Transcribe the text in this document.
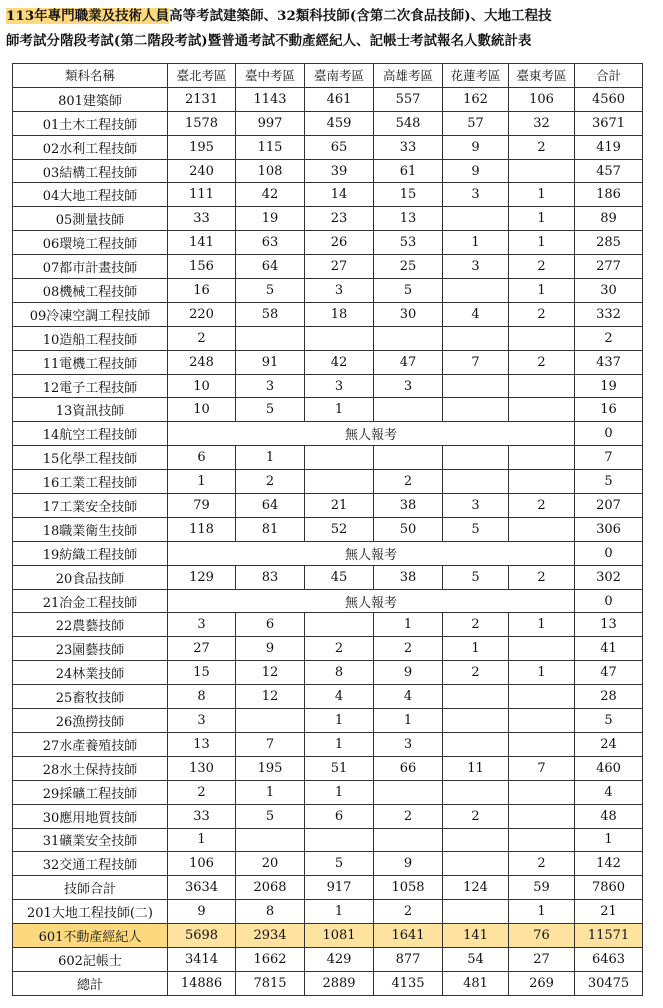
113年專門職業及技術人員高等考試建築師、32類科技師(含第二次食品技師)、大地工程技
師考試分階段考試(第二階段考試)暨普通考試不動產經紀人、記帳士考試報名人數統計表
類科名稱	臺北考區	臺中考區	臺南考區	高雄考區	花蓮考區	臺東考區	合計
801建築師	2131	1143	461	557	162	106	4560
01土木工程技師	1578	997	459	548	57	32	3671
02水利工程技師	195	115	65	33	9	2	419
03結構工程技師	240	108	39	61	9		457
04大地工程技師	111	42	14	15	3	1	186
05測量技師	33	19	23	13		1	89
06環境工程技師	141	63	26	53	1	1	285
07都市計畫技師	156	64	27	25	3	2	277
08機械工程技師	16	5	3	5		1	30
09冷凍空調工程技師	220	58	18	30	4	2	332
10造船工程技師	2						2
11電機工程技師	248	91	42	47	7	2	437
12電子工程技師	10	3	3	3			19
13資訊技師	10	5	1				16
14航空工程技師	無人報考						0
15化學工程技師	6	1					7
16工業工程技師	1	2		2			5
17工業安全技師	79	64	21	38	3	2	207
18職業衛生技師	118	81	52	50	5		306
19紡織工程技師	無人報考						0
20食品技師	129	83	45	38	5	2	302
21冶金工程技師	無人報考						0
22農藝技師	3	6		1	2	1	13
23園藝技師	27	9	2	2	1		41
24林業技師	15	12	8	9	2	1	47
25畜牧技師	8	12	4	4			28
26漁撈技師	3		1	1			5
27水產養殖技師	13	7	1	3			24
28水土保持技師	130	195	51	66	11	7	460
29採礦工程技師	2	1	1				4
30應用地質技師	33	5	6	2	2		48
31礦業安全技師	1						1
32交通工程技師	106	20	5	9		2	142
技師合計	3634	2068	917	1058	124	59	7860
201大地工程技師(二)	9	8	1	2		1	21
601不動產經紀人	5698	2934	1081	1641	141	76	11571
602記帳士	3414	1662	429	877	54	27	6463
總計	14886	7815	2889	4135	481	269	30475
